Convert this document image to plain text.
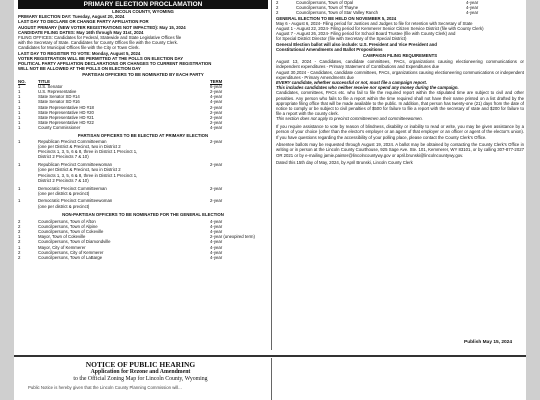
PRIMARY ELECTION PROCLAMATION
LINCOLN COUNTY, WYOMING
PRIMARY ELECTION DAY: Tuesday, August 20, 2024
LAST DAY TO DECLARE OR CHANGE PARTY AFFILIATION FOR
AUGUST PRIMARY (NEW VOTER REGISTRATIONS NOT IMPACTED): May 15, 2024
CANDIDATE FILING DATES: May 16th through May 31st, 2024
FILING OFFICES: Candidates for Federal, Statewide and State Legislative Offices file
with the Secretary of State. Candidates for County Offices file with the County Clerk.
Candidates for Municipal Offices file with the City or Town Clerk.
LAST DAY TO REGISTER TO VOTE: Monday, August 5, 2024
VOTER REGISTRATION WILL BE PERMITTED AT THE POLLS ON ELECTION DAY
POLITICAL PARTY AFFILIATION DECLARATIONS OR CHANGES TO CURRENT REGISTRATION
WILL NOT BE ALLOWED AT THE POLLS ON ELECTION DAY
PARTISAN OFFICERS TO BE NOMINATED BY EACH PARTY
NO.	TITLE	TERM
1	U.S. Senator	6-year
1	U.S. Representative	2-year
1	State Senator SD #14	4-year
1	State Senator SD #16	4-year
1	State Representative HD #18	2-year
1	State Representative HD #20	2-year
1	State Representative HD #21	2-year
1	State Representative HD #22	2-year
1	County Commissioner	4-year
PARTISAN OFFICERS TO BE ELECTED AT PRIMARY ELECTION
1	Republican Precinct Committeeman	2-year
(one per District & Precinct, two in District 2
Precincts 1, 3, 5, 6 & 8, three in District 1 Precinct 1,
District 2 Precincts 7 & 10)
1	Republican Precinct Committeewoman	2-year
(one per District & Precinct, two in District 2
Precincts 1, 3, 5, 6 & 8, three in District 1 Precinct 1,
District 2 Precincts 7 & 10)
1	Democratic Precinct Committeeman	2-year
(one per district & precinct)
1	Democratic Precinct Committeewoman	2-year
(one per district & precinct)
NON-PARTISAN OFFICERS TO BE NOMINATED FOR THE GENERAL ELECTION
2	Councilpersons, Town of Afton	4-year
2	Councilpersons, Town of Alpine	4-year
2	Councilpersons, Town of Cokeville	4-year
1	Mayor, Town of Cokeville	2-year (unexpired term)
2	Councilpersons, Town of Diamondville	4-year
1	Mayor, City of Kemmerer	4-year
2	Councilpersons, City of Kemmerer	4-year
2	Councilpersons, Town of LaBarge	4-year
2	Councilpersons, Town of Opal	4-year
2	Councilpersons, Town of Thayne	4-year
2	Councilpersons, Town of Star Valley Ranch	4-year
GENERAL ELECTION TO BE HELD ON NOVEMBER 5, 2024
May 6 - August 6, 2024- Filing period for Justices and Judges to file for retention with Secretary of State
August 1 - August 22, 2024- Filing period for Kemmerer Senior Citizen Service District (file with County Clerk)
August 7 - August 26, 2024- Filing period for School Board Trustee (file with County Clerk) and
for Special District Director (file with Secretary of the Special District)
General Election ballot will also include: U.S. President and Vice President and
Constitutional Amendments and Ballot Propositions
CAMPAIGN FILING REQUIREMENTS
August 13, 2024 - Candidates, candidate committees, PACs, organizations causing electioneering communications or independent expenditures - Primary Statement of Contributions and Expenditures due
August 30,2024 - Candidates, candidate committees, PACs, organizations causing electioneering communications or independent expenditures - Primary Amendments due
EVERY candidate, whether successful or not, must file a campaign report.
This includes candidates who neither receive nor spend any money during the campaign.
Candidates, committees, PACs etc. who fail to file the required report within the stipulated time are subject to civil and other penalties. Any person who fails to file a report within the time required shall not have their name printed on a list drafted by the appropriate filing office that will be made available to the public. In addition, that person has twenty-one (21) days from the date of notice to comply or be subject to civil penalties of $500 for failure to file a report with the secretary of state and $200 for failure to file a report with the county clerk.
This section does not apply to precinct committeemen and committeewomen.
If you require assistance to vote by reason of blindness, disability or inability to read or write, you may be given assistance by a person of your choice (other than the elector's employer or an agent of that employer or an officer or agent of the elector's union). If you have questions regarding the accessibility of your polling place, please contact the County Clerk's Office.
Absentee ballots may be requested through August 19, 2024. A ballot may be obtained by contacting the County Clerk's Office in writing or in person at the Lincoln County Courthouse, 925 Sage Ave. Ste. 101, Kemmerer, WY 83101, or by calling 307-877-2027 OR 2021 or by e-mailing jamie.painter@lincolncountywy.gov or april.brunski@lincolncountywy.gov.
Dated this 15th day of May, 2024, by April Brunski, Lincoln County Clerk
Publish May 15, 2024
NOTICE OF PUBLIC HEARING
Application for Rezone and Amendment
to the Official Zoning Map for Lincoln County, Wyoming
Public Notice is hereby given that the Lincoln County Planning Commission will...
